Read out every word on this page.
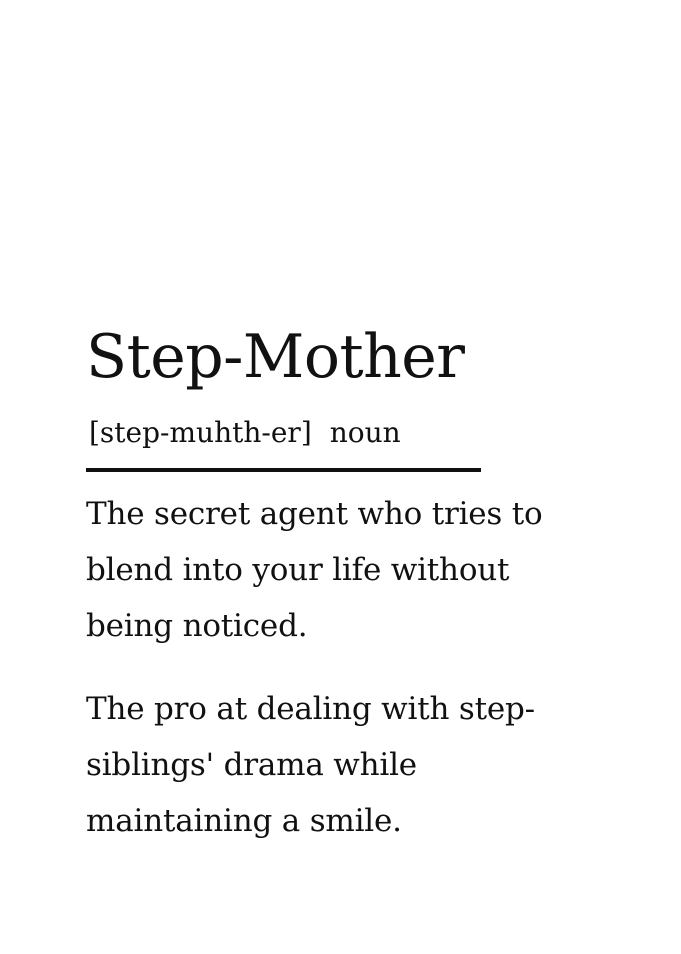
Step-Mother
[step-muhth-er] noun

The secret agent who tries to
blend into your life without
being noticed.

The pro at dealing with step-
siblings' drama while
maintaining a smile.
